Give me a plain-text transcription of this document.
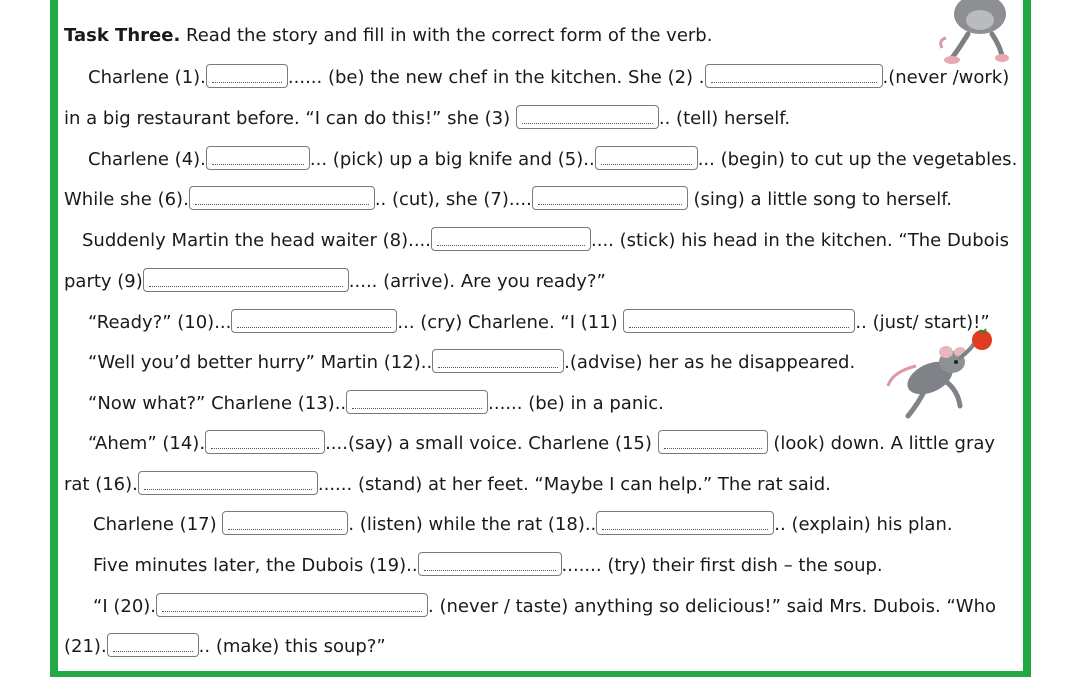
Task Three. Read the story and fill in with the correct form of the verb.
Charlene (1).	...... (be) the new chef in the kitchen. She (2) .	.(never /work)
in a big restaurant before. “I can do this!” she (3)	.. (tell) herself.
Charlene (4).	... (pick) up a big knife and (5)..	... (begin) to cut up the vegetables.
While she (6).	.. (cut), she (7)....	(sing) a little song to herself.
Suddenly Martin the head waiter (8)....	.... (stick) his head in the kitchen. “The Dubois
party (9)	..... (arrive). Are you ready?”
“Ready?” (10)...	... (cry) Charlene. “I (11)	.. (just/ start)!”
“Well you’d better hurry” Martin (12)..	.(advise) her as he disappeared.
“Now what?” Charlene (13)..	...... (be) in a panic.
“Ahem” (14).	....(say) a small voice. Charlene (15)	(look) down. A little gray
rat (16).	...... (stand) at her feet. “Maybe I can help.” The rat said.
Charlene (17)	. (listen) while the rat (18)..	.. (explain) his plan.
Five minutes later, the Dubois (19)..	....... (try) their first dish – the soup.
“I (20).	. (never / taste) anything so delicious!” said Mrs. Dubois. “Who
(21).	.. (make) this soup?”
